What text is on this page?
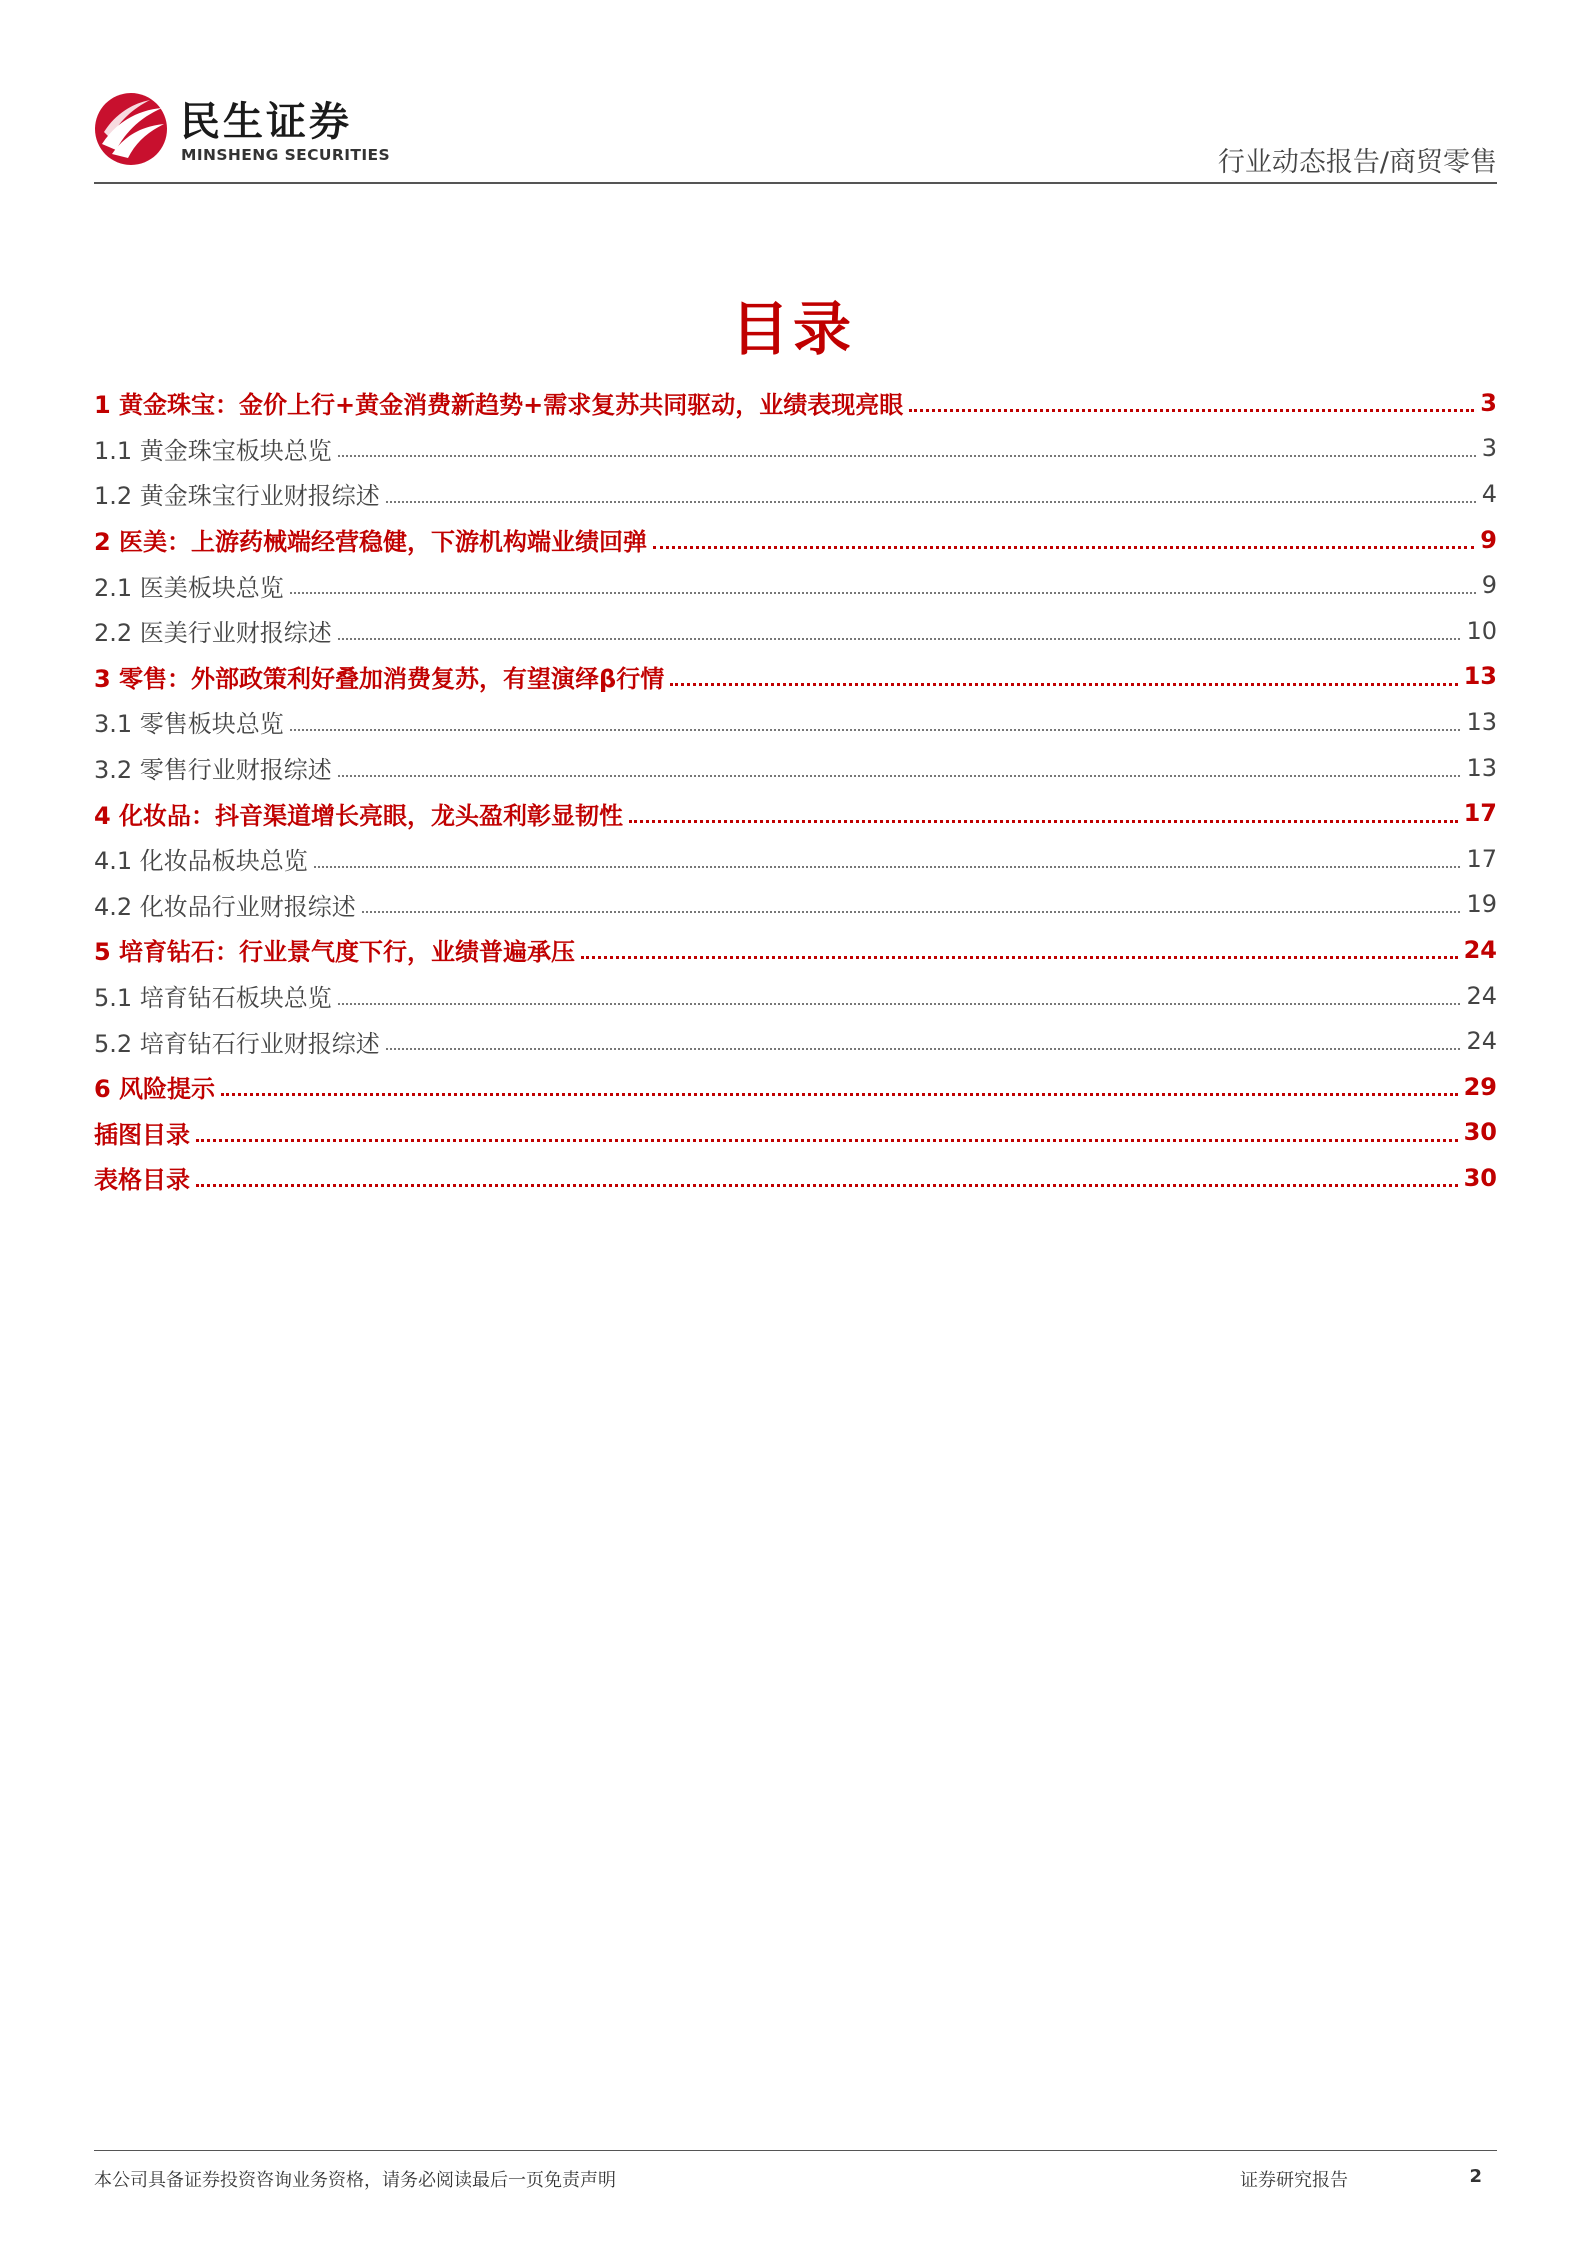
民生证券
MINSHENG SECURITIES	行业动态报告/商贸零售
目录
1 黄金珠宝：金价上行+黄金消费新趋势+需求复苏共同驱动，业绩表现亮眼	3
1.1 黄金珠宝板块总览	3
1.2 黄金珠宝行业财报综述	4
2 医美：上游药械端经营稳健，下游机构端业绩回弹	9
2.1 医美板块总览	9
2.2 医美行业财报综述	10
3 零售：外部政策利好叠加消费复苏，有望演绎β行情	13
3.1 零售板块总览	13
3.2 零售行业财报综述	13
4 化妆品：抖音渠道增长亮眼，龙头盈利彰显韧性	17
4.1 化妆品板块总览	17
4.2 化妆品行业财报综述	19
5 培育钻石：行业景气度下行，业绩普遍承压	24
5.1 培育钻石板块总览	24
5.2 培育钻石行业财报综述	24
6 风险提示	29
插图目录	30
表格目录	30
本公司具备证券投资咨询业务资格，请务必阅读最后一页免责声明	证券研究报告	2
